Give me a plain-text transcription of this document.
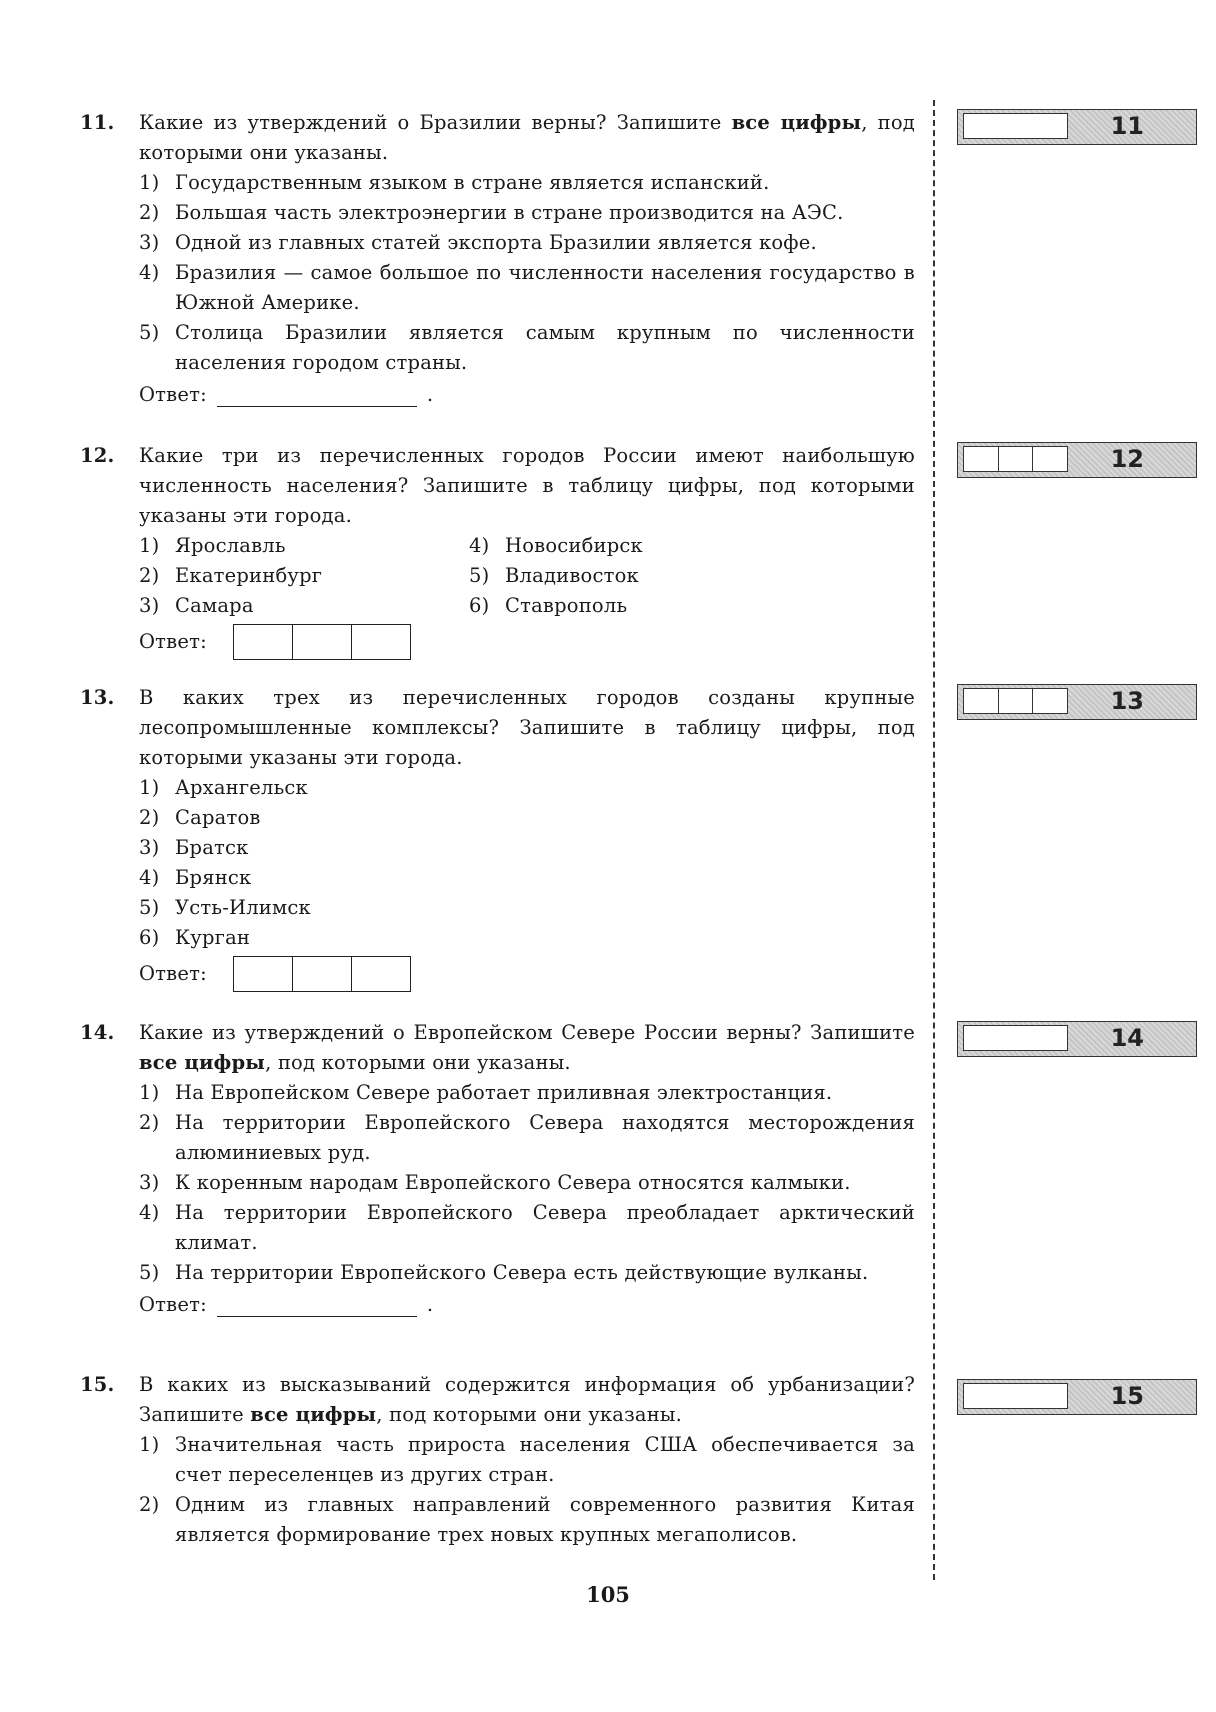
11. Какие из утверждений о Бразилии верны? Запишите все цифры, под которыми они указаны.
1) Государственным языком в стране является испанский.
2) Большая часть электроэнергии в стране производится на АЭС.
3) Одной из главных статей экспорта Бразилии является кофе.
4) Бразилия — самое большое по численности населения государство в Южной Америке.
5) Столица Бразилии является самым крупным по численности населения городом страны.
Ответ:	.
12. Какие три из перечисленных городов России имеют наибольшую численность населения? Запишите в таблицу цифры, под которыми указаны эти города.
1) Ярославль
2) Екатеринбург
3) Самара
4) Новосибирск
5) Владивосток
6) Ставрополь
Ответ:
13. В каких трех из перечисленных городов созданы крупные лесопромышленные комплексы? Запишите в таблицу цифры, под которыми указаны эти города.
1) Архангельск
2) Саратов
3) Братск
4) Брянск
5) Усть-Илимск
6) Курган
Ответ:
14. Какие из утверждений о Европейском Севере России верны? Запишите все цифры, под которыми они указаны.
1) На Европейском Севере работает приливная электростанция.
2) На территории Европейского Севера находятся месторождения алюминиевых руд.
3) К коренным народам Европейского Севера относятся калмыки.
4) На территории Европейского Севера преобладает арктический климат.
5) На территории Европейского Севера есть действующие вулканы.
Ответ:	.
15. В каких из высказываний содержится информация об урбанизации? Запишите все цифры, под которыми они указаны.
1) Значительная часть прироста населения США обеспечивается за счет переселенцев из других стран.
2) Одним из главных направлений современного развития Китая является формирование трех новых крупных мегаполисов.
11
12
13
14
15
105
